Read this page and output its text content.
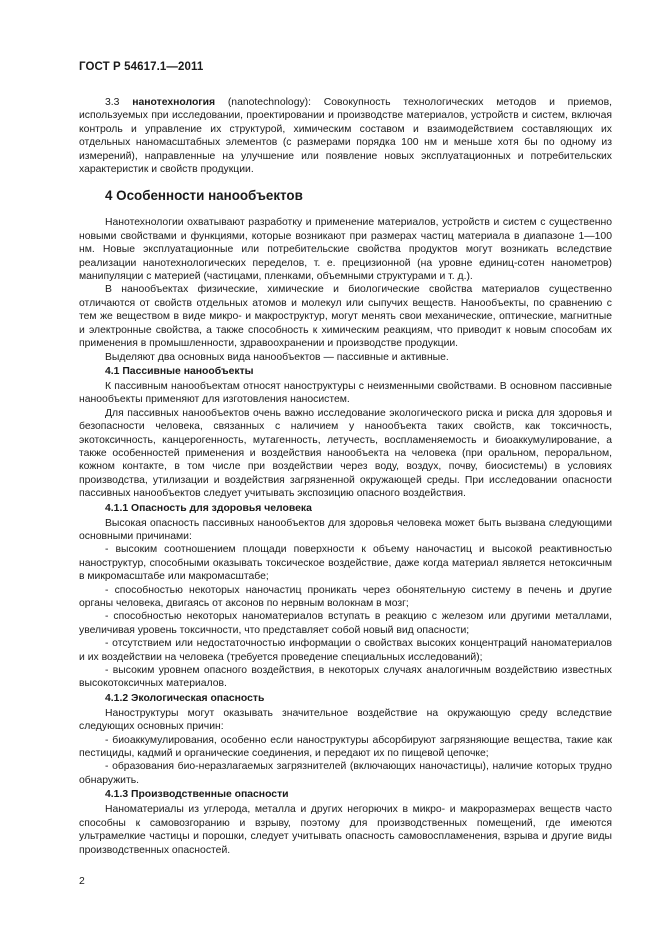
ГОСТ Р 54617.1—2011

3.3 нанотехнология (nanotechnology): Совокупность технологических методов и приемов, используемых при исследовании, проектировании и производстве материалов, устройств и систем, включая контроль и управление их структурой, химическим составом и взаимодействием составляющих их отдельных наномасштабных элементов (с размерами порядка 100 нм и меньше хотя бы по одному из измерений), направленные на улучшение или появление новых эксплуатационных и потребительских характеристик и свойств продукции.

4 Особенности нанообъектов

Нанотехнологии охватывают разработку и применение материалов, устройств и систем с существенно новыми свойствами и функциями, которые возникают при размерах частиц материала в диапазоне 1—100 нм. Новые эксплуатационные или потребительские свойства продуктов могут возникать вследствие реализации нанотехнологических переделов, т. е. прецизионной (на уровне единиц-сотен нанометров) манипуляции с материей (частицами, пленками, объемными структурами и т. д.).

В нанообъектах физические, химические и биологические свойства материалов существенно отличаются от свойств отдельных атомов и молекул или сыпучих веществ. Нанообъекты, по сравнению с тем же веществом в виде микро- и макроструктур, могут менять свои механические, оптические, магнитные и электронные свойства, а также способность к химическим реакциям, что приводит к новым способам их применения в промышленности, здравоохранении и производстве продукции.

Выделяют два основных вида нанообъектов — пассивные и активные.

4.1 Пассивные нанообъекты

К пассивным нанообъектам относят наноструктуры с неизменными свойствами. В основном пассивные нанообъекты применяют для изготовления наносистем.

Для пассивных нанообъектов очень важно исследование экологического риска и риска для здоровья и безопасности человека, связанных с наличием у нанообъекта таких свойств, как токсичность, экотоксичность, канцерогенность, мутагенность, летучесть, воспламеняемость и биоаккумулирование, а также особенностей применения и воздействия нанообъекта на человека (при оральном, пероральном, кожном контакте, в том числе при воздействии через воду, воздух, почву, биосистемы) в условиях производства, утилизации и воздействия загрязненной окружающей среды. При исследовании опасности пассивных нанообъектов следует учитывать экспозицию опасного воздействия.

4.1.1 Опасность для здоровья человека

Высокая опасность пассивных нанообъектов для здоровья человека может быть вызвана следующими основными причинами:

- высоким соотношением площади поверхности к объему наночастиц и высокой реактивностью наноструктур, способными оказывать токсическое воздействие, даже когда материал является нетоксичным в микромасштабе или макромасштабе;

- способностью некоторых наночастиц проникать через обонятельную систему в печень и другие органы человека, двигаясь от аксонов по нервным волокнам в мозг;

- способностью некоторых наноматериалов вступать в реакцию с железом или другими металлами, увеличивая уровень токсичности, что представляет собой новый вид опасности;

- отсутствием или недостаточностью информации о свойствах высоких концентраций наноматериалов и их воздействии на человека (требуется проведение специальных исследований);

- высоким уровнем опасного воздействия, в некоторых случаях аналогичным воздействию известных высокотоксичных материалов.

4.1.2 Экологическая опасность

Наноструктуры могут оказывать значительное воздействие на окружающую среду вследствие следующих основных причин:

- биоаккумулирования, особенно если наноструктуры абсорбируют загрязняющие вещества, такие как пестициды, кадмий и органические соединения, и передают их по пищевой цепочке;

- образования био-неразлагаемых загрязнителей (включающих наночастицы), наличие которых трудно обнаружить.

4.1.3 Производственные опасности

Наноматериалы из углерода, металла и других негорючих в микро- и макроразмерах веществ часто способны к самовозгоранию и взрыву, поэтому для производственных помещений, где имеются ультрамелкие частицы и порошки, следует учитывать опасность самовоспламенения, взрыва и другие виды производственных опасностей.

2
